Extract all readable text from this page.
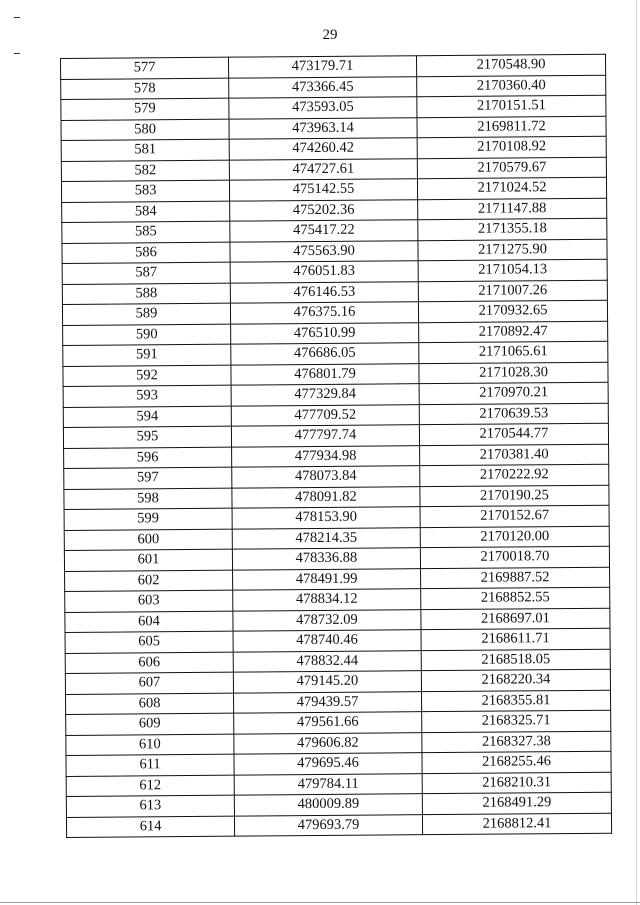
29
577	473179.71	2170548.90
578	473366.45	2170360.40
579	473593.05	2170151.51
580	473963.14	2169811.72
581	474260.42	2170108.92
582	474727.61	2170579.67
583	475142.55	2171024.52
584	475202.36	2171147.88
585	475417.22	2171355.18
586	475563.90	2171275.90
587	476051.83	2171054.13
588	476146.53	2171007.26
589	476375.16	2170932.65
590	476510.99	2170892.47
591	476686.05	2171065.61
592	476801.79	2171028.30
593	477329.84	2170970.21
594	477709.52	2170639.53
595	477797.74	2170544.77
596	477934.98	2170381.40
597	478073.84	2170222.92
598	478091.82	2170190.25
599	478153.90	2170152.67
600	478214.35	2170120.00
601	478336.88	2170018.70
602	478491.99	2169887.52
603	478834.12	2168852.55
604	478732.09	2168697.01
605	478740.46	2168611.71
606	478832.44	2168518.05
607	479145.20	2168220.34
608	479439.57	2168355.81
609	479561.66	2168325.71
610	479606.82	2168327.38
611	479695.46	2168255.46
612	479784.11	2168210.31
613	480009.89	2168491.29
614	479693.79	2168812.41
